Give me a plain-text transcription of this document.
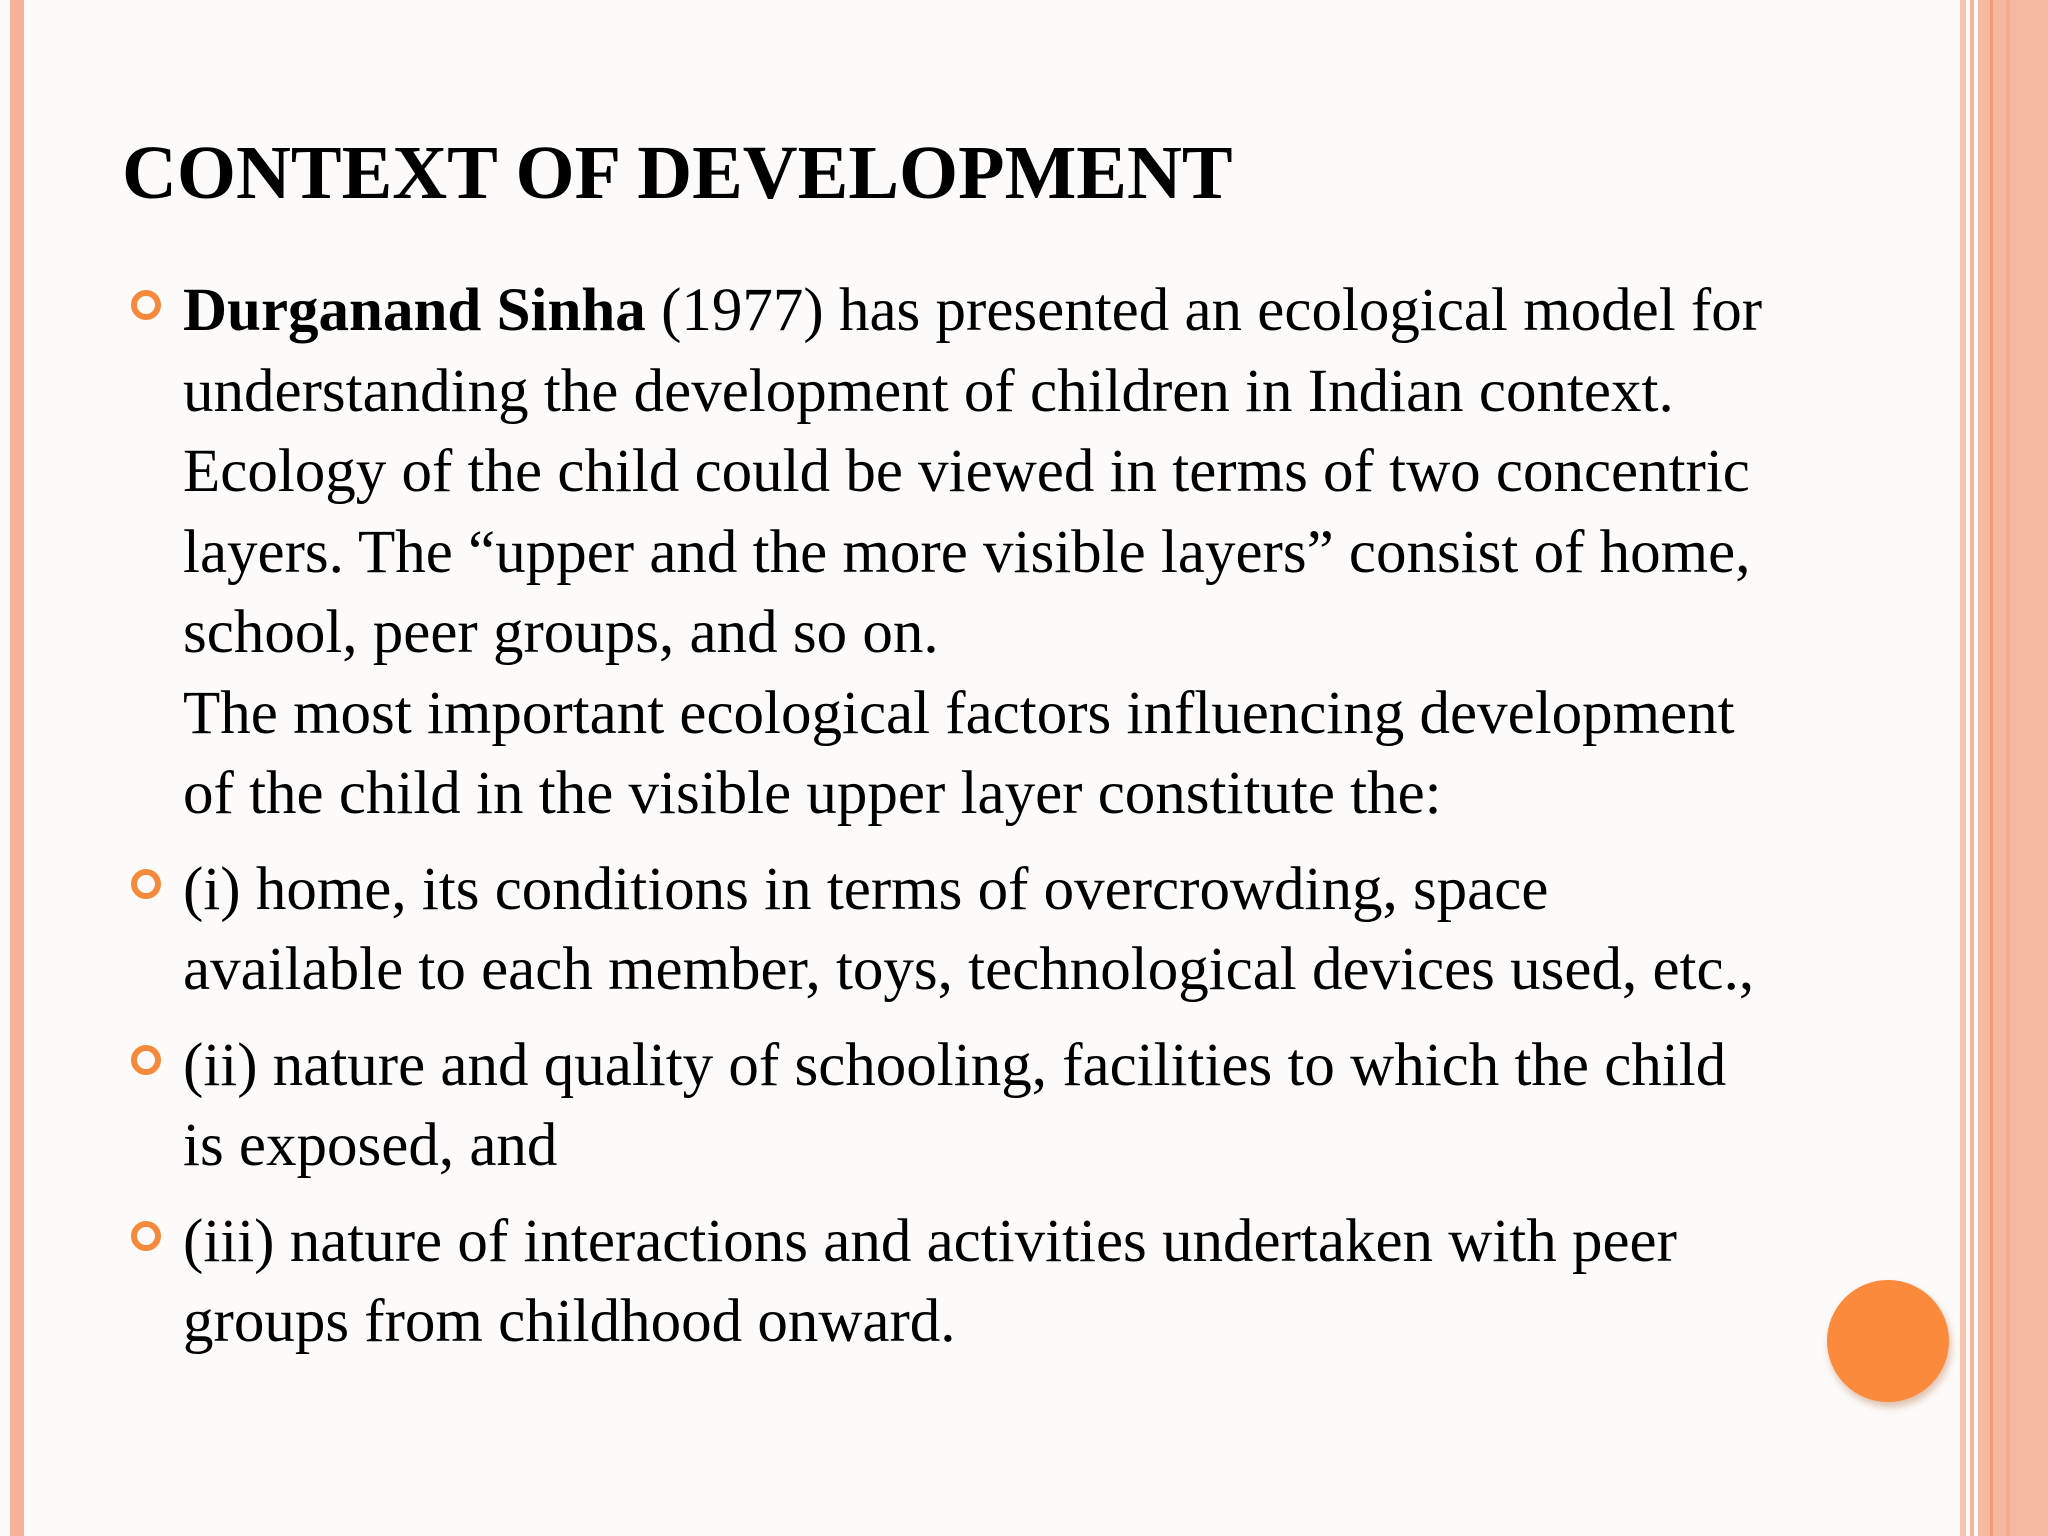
CONTEXT OF DEVELOPMENT
Durganand Sinha (1977) has presented an ecological model for
understanding the development of children in Indian context.
Ecology of the child could be viewed in terms of two concentric
layers. The “upper and the more visible layers” consist of home,
school, peer groups, and so on.
The most important ecological factors influencing development
of the child in the visible upper layer constitute the:
(i) home, its conditions in terms of overcrowding, space
available to each member, toys, technological devices used, etc.,
(ii) nature and quality of schooling, facilities to which the child
is exposed, and
(iii) nature of interactions and activities undertaken with peer
groups from childhood onward.
